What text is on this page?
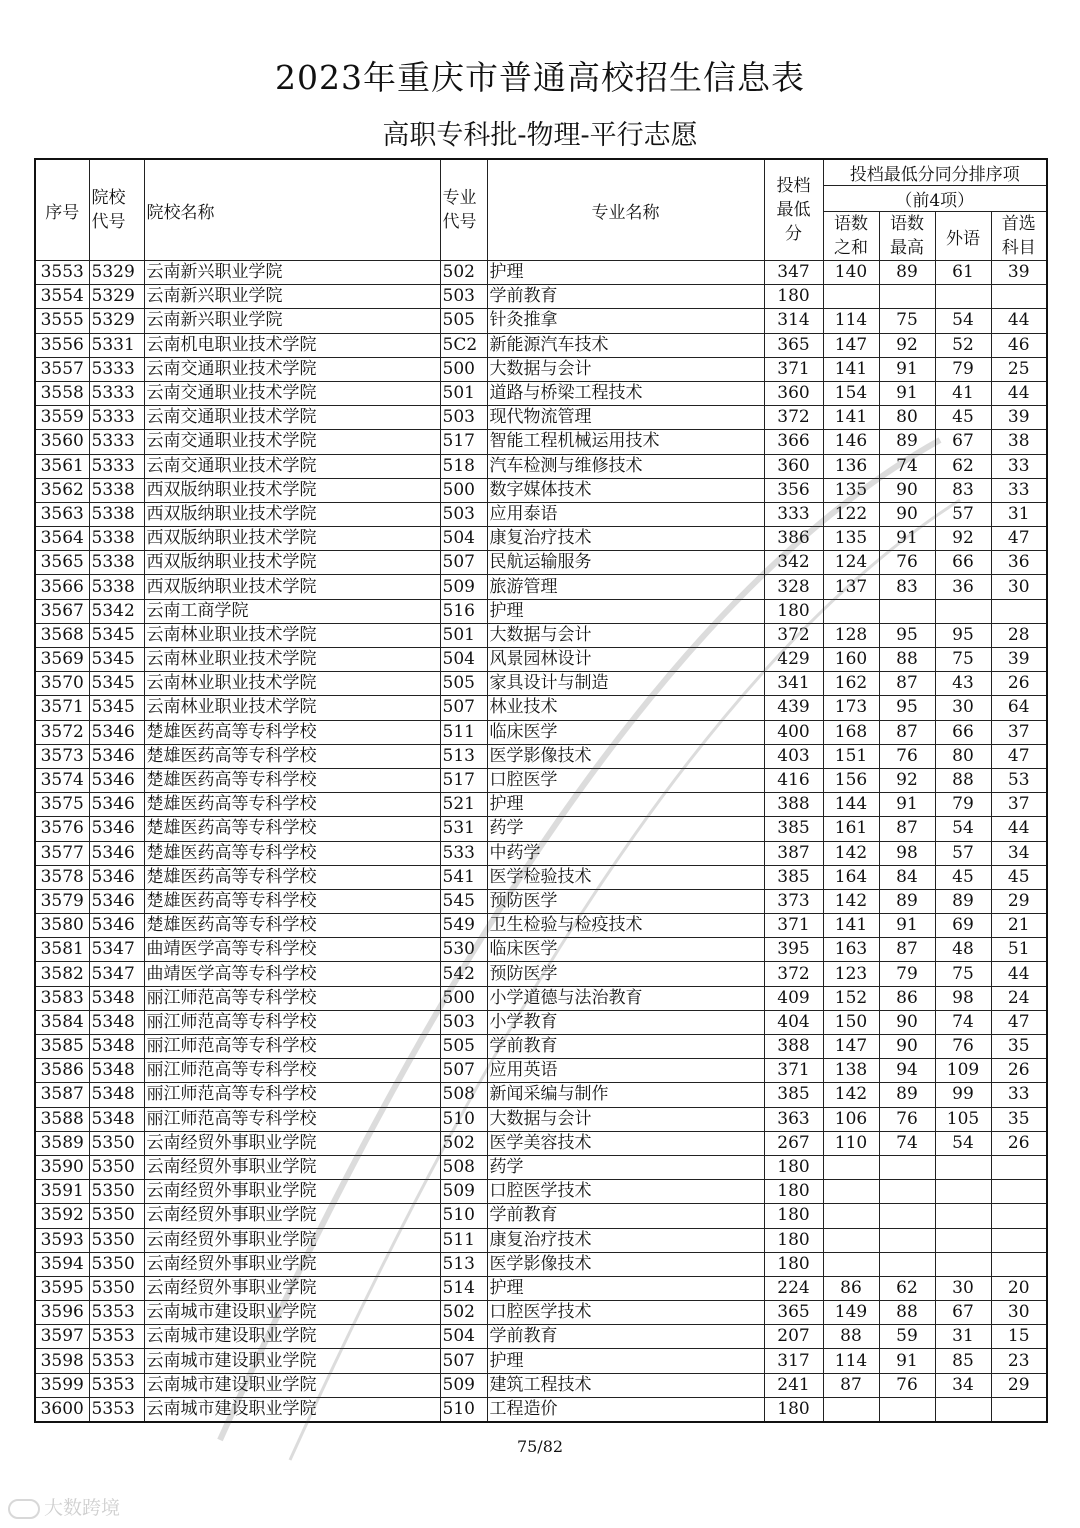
2023年重庆市普通高校招生信息表
高职专科批-物理-平行志愿
序号	院校代号	院校名称	专业代号	专业名称	投档最低分	投档最低分同分排序项			
						（前4项）			

						语数之和	语数最高	外语	首选科目

3553	5329	云南新兴职业学院	502	护理	347	140	89	61	39
3554	5329	云南新兴职业学院	503	学前教育	180				
3555	5329	云南新兴职业学院	505	针灸推拿	314	114	75	54	44
3556	5331	云南机电职业技术学院	5C2	新能源汽车技术	365	147	92	52	46
3557	5333	云南交通职业技术学院	500	大数据与会计	371	141	91	79	25
3558	5333	云南交通职业技术学院	501	道路与桥梁工程技术	360	154	91	41	44
3559	5333	云南交通职业技术学院	503	现代物流管理	372	141	80	45	39
3560	5333	云南交通职业技术学院	517	智能工程机械运用技术	366	146	89	67	38
3561	5333	云南交通职业技术学院	518	汽车检测与维修技术	360	136	74	62	33
3562	5338	西双版纳职业技术学院	500	数字媒体技术	356	135	90	83	33
3563	5338	西双版纳职业技术学院	503	应用泰语	333	122	90	57	31
3564	5338	西双版纳职业技术学院	504	康复治疗技术	386	135	91	92	47
3565	5338	西双版纳职业技术学院	507	民航运输服务	342	124	76	66	36
3566	5338	西双版纳职业技术学院	509	旅游管理	328	137	83	36	30
3567	5342	云南工商学院	516	护理	180				
3568	5345	云南林业职业技术学院	501	大数据与会计	372	128	95	95	28
3569	5345	云南林业职业技术学院	504	风景园林设计	429	160	88	75	39
3570	5345	云南林业职业技术学院	505	家具设计与制造	341	162	87	43	26
3571	5345	云南林业职业技术学院	507	林业技术	439	173	95	30	64
3572	5346	楚雄医药高等专科学校	511	临床医学	400	168	87	66	37
3573	5346	楚雄医药高等专科学校	513	医学影像技术	403	151	76	80	47
3574	5346	楚雄医药高等专科学校	517	口腔医学	416	156	92	88	53
3575	5346	楚雄医药高等专科学校	521	护理	388	144	91	79	37
3576	5346	楚雄医药高等专科学校	531	药学	385	161	87	54	44
3577	5346	楚雄医药高等专科学校	533	中药学	387	142	98	57	34
3578	5346	楚雄医药高等专科学校	541	医学检验技术	385	164	84	45	45
3579	5346	楚雄医药高等专科学校	545	预防医学	373	142	89	89	29
3580	5346	楚雄医药高等专科学校	549	卫生检验与检疫技术	371	141	91	69	21
3581	5347	曲靖医学高等专科学校	530	临床医学	395	163	87	48	51
3582	5347	曲靖医学高等专科学校	542	预防医学	372	123	79	75	44
3583	5348	丽江师范高等专科学校	500	小学道德与法治教育	409	152	86	98	24
3584	5348	丽江师范高等专科学校	503	小学教育	404	150	90	74	47
3585	5348	丽江师范高等专科学校	505	学前教育	388	147	90	76	35
3586	5348	丽江师范高等专科学校	507	应用英语	371	138	94	109	26
3587	5348	丽江师范高等专科学校	508	新闻采编与制作	385	142	89	99	33
3588	5348	丽江师范高等专科学校	510	大数据与会计	363	106	76	105	35
3589	5350	云南经贸外事职业学院	502	医学美容技术	267	110	74	54	26
3590	5350	云南经贸外事职业学院	508	药学	180				
3591	5350	云南经贸外事职业学院	509	口腔医学技术	180				
3592	5350	云南经贸外事职业学院	510	学前教育	180				
3593	5350	云南经贸外事职业学院	511	康复治疗技术	180				
3594	5350	云南经贸外事职业学院	513	医学影像技术	180				
3595	5350	云南经贸外事职业学院	514	护理	224	86	62	30	20
3596	5353	云南城市建设职业学院	502	口腔医学技术	365	149	88	67	30
3597	5353	云南城市建设职业学院	504	学前教育	207	88	59	31	15
3598	5353	云南城市建设职业学院	507	护理	317	114	91	85	23
3599	5353	云南城市建设职业学院	509	建筑工程技术	241	87	76	34	29
3600	5353	云南城市建设职业学院	510	工程造价	180				
75/82
大数跨境
